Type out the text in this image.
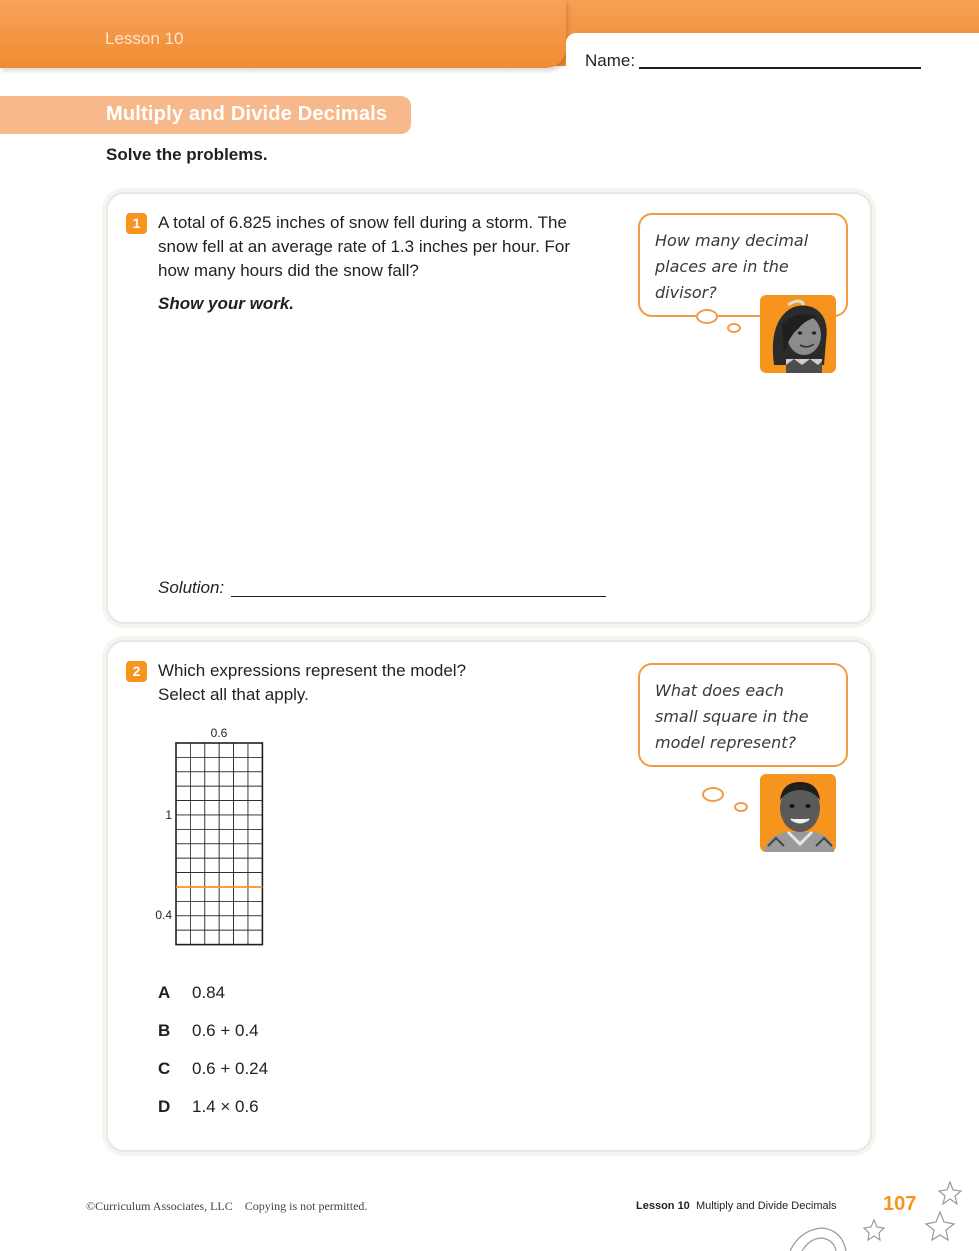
Lesson 10
Name:
Multiply and Divide Decimals
Solve the problems.
1	A total of 6.825 inches of snow fell during a storm. The
snow fell at an average rate of 1.3 inches per hour. For
how many hours did the snow fall?
Show your work.
Solution:
How many decimal
places are in the
divisor?
2	Which expressions represent the model?
Select all that apply.
0.6
1
0.4
A 0.84
B 0.6 + 0.4
C 0.6 + 0.24
D 1.4 × 0.6
What does each
small square in the
model represent?
©Curriculum Associates, LLC    Copying is not permitted.	Lesson 10 Multiply and Divide Decimals 107
